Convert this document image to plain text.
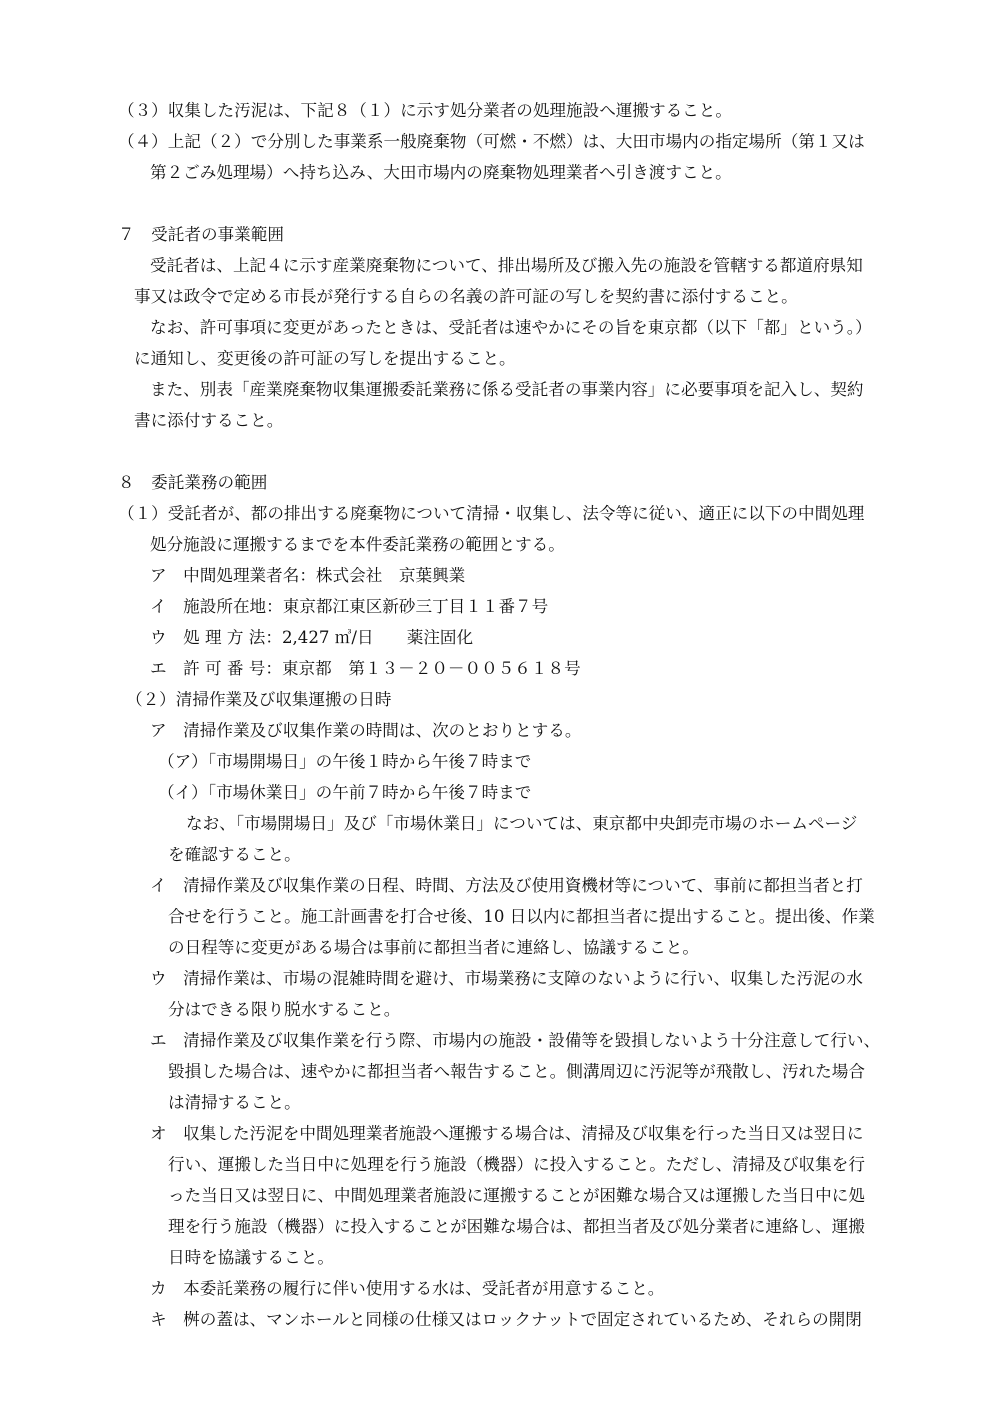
（３）収集した汚泥は、下記８（１）に示す処分業者の処理施設へ運搬すること。
（４）上記（２）で分別した事業系一般廃棄物（可燃・不燃）は、大田市場内の指定場所（第１又は
第２ごみ処理場）へ持ち込み、大田市場内の廃棄物処理業者へ引き渡すこと。
７　受託者の事業範囲
受託者は、上記４に示す産業廃棄物について、排出場所及び搬入先の施設を管轄する都道府県知
事又は政令で定める市長が発行する自らの名義の許可証の写しを契約書に添付すること。
なお、許可事項に変更があったときは、受託者は速やかにその旨を東京都（以下「都」という。）
に通知し、変更後の許可証の写しを提出すること。
また、別表「産業廃棄物収集運搬委託業務に係る受託者の事業内容」に必要事項を記入し、契約
書に添付すること。
８　委託業務の範囲
（１）受託者が、都の排出する廃棄物について清掃・収集し、法令等に従い、適正に以下の中間処理
処分施設に運搬するまでを本件委託業務の範囲とする。
ア　中間処理業者名：株式会社　京葉興業
イ　施設所在地：東京都江東区新砂三丁目１１番７号
ウ　処 理 方 法：2,427 ㎥/日　　薬注固化
エ　許 可 番 号：東京都　第１３－２０－００５６１８号
（２）清掃作業及び収集運搬の日時
ア　清掃作業及び収集作業の時間は、次のとおりとする。
（ア）「市場開場日」の午後１時から午後７時まで
（イ）「市場休業日」の午前７時から午後７時まで
なお、「市場開場日」及び「市場休業日」については、東京都中央卸売市場のホームページ
を確認すること。
イ　清掃作業及び収集作業の日程、時間、方法及び使用資機材等について、事前に都担当者と打
合せを行うこと。施工計画書を打合せ後、10 日以内に都担当者に提出すること。提出後、作業
の日程等に変更がある場合は事前に都担当者に連絡し、協議すること。
ウ　清掃作業は、市場の混雑時間を避け、市場業務に支障のないように行い、収集した汚泥の水
分はできる限り脱水すること。
エ　清掃作業及び収集作業を行う際、市場内の施設・設備等を毀損しないよう十分注意して行い、
毀損した場合は、速やかに都担当者へ報告すること。側溝周辺に汚泥等が飛散し、汚れた場合
は清掃すること。
オ　収集した汚泥を中間処理業者施設へ運搬する場合は、清掃及び収集を行った当日又は翌日に
行い、運搬した当日中に処理を行う施設（機器）に投入すること。ただし、清掃及び収集を行
った当日又は翌日に、中間処理業者施設に運搬することが困難な場合又は運搬した当日中に処
理を行う施設（機器）に投入することが困難な場合は、都担当者及び処分業者に連絡し、運搬
日時を協議すること。
カ　本委託業務の履行に伴い使用する水は、受託者が用意すること。
キ　桝の蓋は、マンホールと同様の仕様又はロックナットで固定されているため、それらの開閉
